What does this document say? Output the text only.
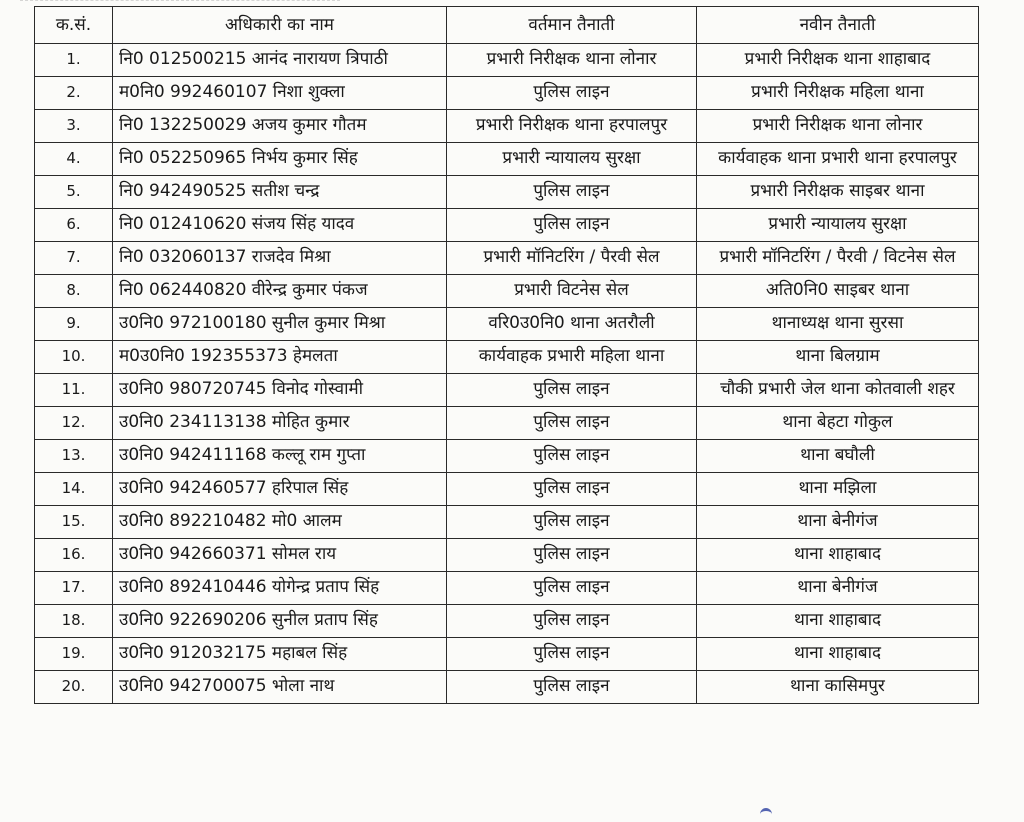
क.सं.	अधिकारी का नाम	वर्तमान तैनाती	नवीन तैनाती
1.	नि0 012500215 आनंद नारायण त्रिपाठी	प्रभारी निरीक्षक थाना लोनार	प्रभारी निरीक्षक थाना शाहाबाद
2.	म0नि0 992460107 निशा शुक्ला	पुलिस लाइन	प्रभारी निरीक्षक महिला थाना
3.	नि0 132250029 अजय कुमार गौतम	प्रभारी निरीक्षक थाना हरपालपुर	प्रभारी निरीक्षक थाना लोनार
4.	नि0 052250965 निर्भय कुमार सिंह	प्रभारी न्यायालय सुरक्षा	कार्यवाहक थाना प्रभारी थाना हरपालपुर
5.	नि0 942490525 सतीश चन्द्र	पुलिस लाइन	प्रभारी निरीक्षक साइबर थाना
6.	नि0 012410620 संजय सिंह यादव	पुलिस लाइन	प्रभारी न्यायालय सुरक्षा
7.	नि0 032060137 राजदेव मिश्रा	प्रभारी मॉनिटरिंग / पैरवी सेल	प्रभारी मॉनिटरिंग / पैरवी / विटनेस सेल
8.	नि0 062440820 वीरेन्द्र कुमार पंकज	प्रभारी विटनेस सेल	अति0नि0 साइबर थाना
9.	उ0नि0 972100180 सुनील कुमार मिश्रा	वरि0उ0नि0 थाना अतरौली	थानाध्यक्ष थाना सुरसा
10.	म0उ0नि0 192355373 हेमलता	कार्यवाहक प्रभारी महिला थाना	थाना बिलग्राम
11.	उ0नि0 980720745 विनोद गोस्वामी	पुलिस लाइन	चौकी प्रभारी जेल थाना कोतवाली शहर
12.	उ0नि0 234113138 मोहित कुमार	पुलिस लाइन	थाना बेहटा गोकुल
13.	उ0नि0 942411168 कल्लू राम गुप्ता	पुलिस लाइन	थाना बघौली
14.	उ0नि0 942460577 हरिपाल सिंह	पुलिस लाइन	थाना मझिला
15.	उ0नि0 892210482 मो0 आलम	पुलिस लाइन	थाना बेनीगंज
16.	उ0नि0 942660371 सोमल राय	पुलिस लाइन	थाना शाहाबाद
17.	उ0नि0 892410446 योगेन्द्र प्रताप सिंह	पुलिस लाइन	थाना बेनीगंज
18.	उ0नि0 922690206 सुनील प्रताप सिंह	पुलिस लाइन	थाना शाहाबाद
19.	उ0नि0 912032175 महाबल सिंह	पुलिस लाइन	थाना शाहाबाद
20.	उ0नि0 942700075 भोला नाथ	पुलिस लाइन	थाना कासिमपुर
